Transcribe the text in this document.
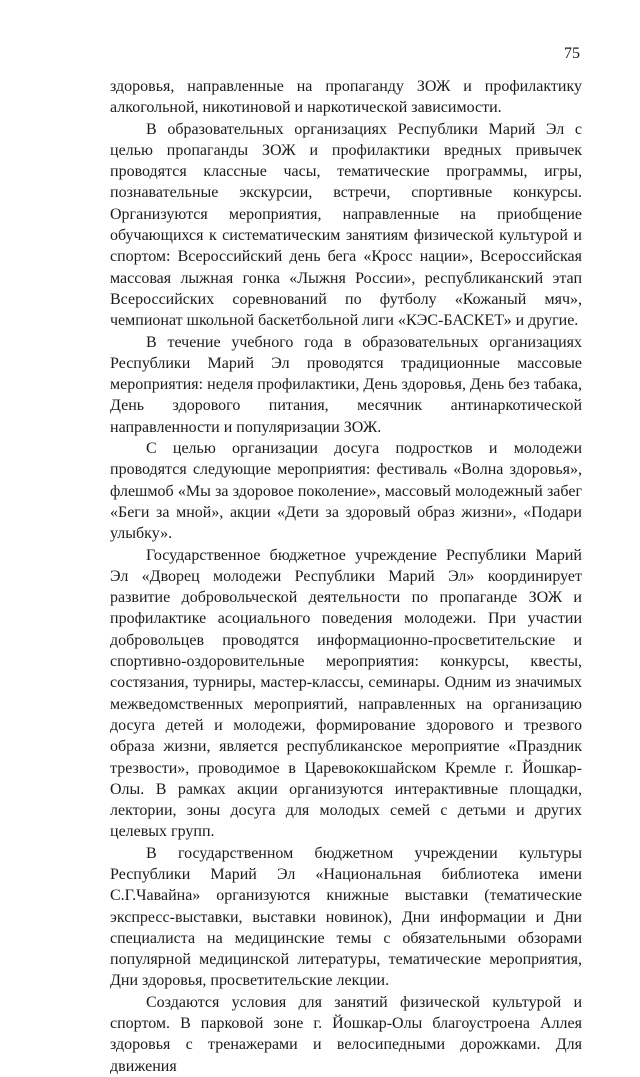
75

здоровья, направленные на пропаганду ЗОЖ и профилактику алкогольной, никотиновой и наркотической зависимости.

В образовательных организациях Республики Марий Эл с целью пропаганды ЗОЖ и профилактики вредных привычек проводятся классные часы, тематические программы, игры, познавательные экскурсии, встречи, спортивные конкурсы. Организуются мероприятия, направленные на приобщение обучающихся к систематическим занятиям физической культурой и спортом: Всероссийский день бега «Кросс нации», Всероссийская массовая лыжная гонка «Лыжня России», республиканский этап Всероссийских соревнований по футболу «Кожаный мяч», чемпионат школьной баскетбольной лиги «КЭС-БАСКЕТ» и другие.

В течение учебного года в образовательных организациях Республики Марий Эл проводятся традиционные массовые мероприятия: неделя профилактики, День здоровья, День без табака, День здорового питания, месячник антинаркотической направленности и популяризации ЗОЖ.

С целью организации досуга подростков и молодежи проводятся следующие мероприятия: фестиваль «Волна здоровья», флешмоб «Мы за здоровое поколение», массовый молодежный забег «Беги за мной», акции «Дети за здоровый образ жизни», «Подари улыбку».

Государственное бюджетное учреждение Республики Марий Эл «Дворец молодежи Республики Марий Эл» координирует развитие добровольческой деятельности по пропаганде ЗОЖ и профилактике асоциального поведения молодежи. При участии добровольцев проводятся информационно-просветительские и спортивно-оздоровительные мероприятия: конкурсы, квесты, состязания, турниры, мастер-классы, семинары. Одним из значимых межведомственных мероприятий, направленных на организацию досуга детей и молодежи, формирование здорового и трезвого образа жизни, является республиканское мероприятие «Праздник трезвости», проводимое в Царевококшайском Кремле г. Йошкар-Олы. В рамках акции организуются интерактивные площадки, лектории, зоны досуга для молодых семей с детьми и других целевых групп.

В государственном бюджетном учреждении культуры Республики Марий Эл «Национальная библиотека имени С.Г.Чавайна» организуются книжные выставки (тематические экспресс-выставки, выставки новинок), Дни информации и Дни специалиста на медицинские темы с обязательными обзорами популярной медицинской литературы, тематические мероприятия, Дни здоровья, просветительские лекции.

Создаются условия для занятий физической культурой и спортом. В парковой зоне г. Йошкар-Олы благоустроена Аллея здоровья с тренажерами и велосипедными дорожками. Для движения
